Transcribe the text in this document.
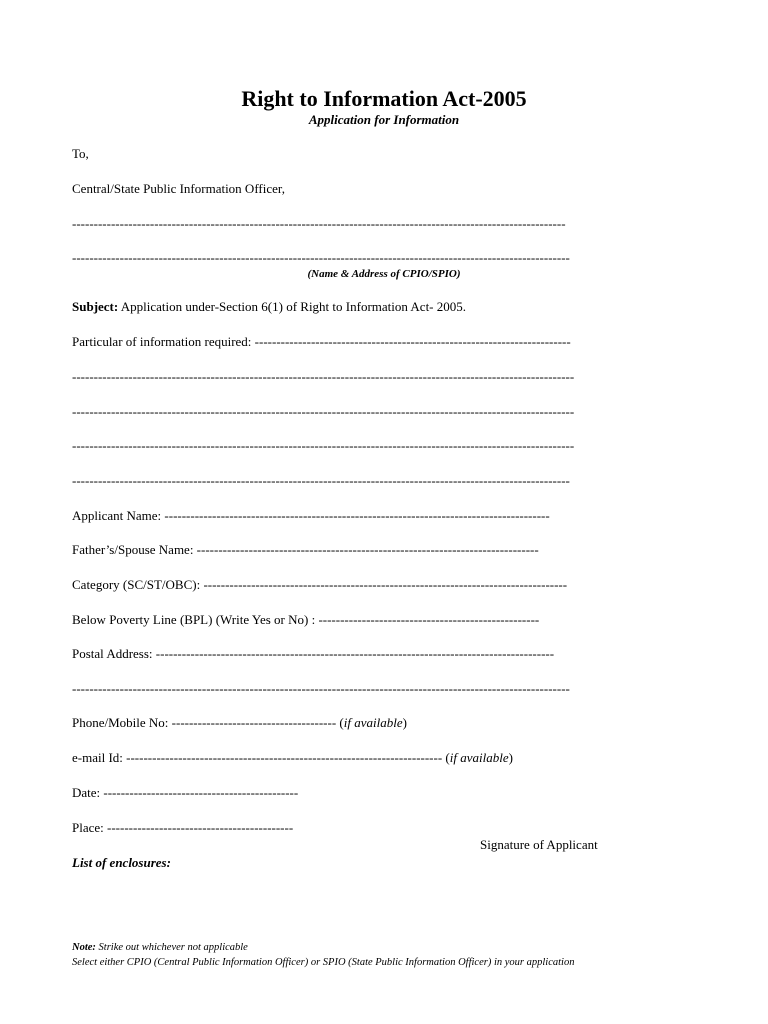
Right to Information Act-2005
Application for Information
To,
Central/State Public Information Officer,
------------------------------------------------------------------------------------------------------------------
-------------------------------------------------------------------------------------------------------------------
(Name & Address of CPIO/SPIO)
Subject: Application under-Section 6(1) of Right to Information Act- 2005.
Particular of information required: -------------------------------------------------------------------------
--------------------------------------------------------------------------------------------------------------------
--------------------------------------------------------------------------------------------------------------------
--------------------------------------------------------------------------------------------------------------------
-------------------------------------------------------------------------------------------------------------------
Applicant Name: -----------------------------------------------------------------------------------------
Father’s/Spouse Name: -------------------------------------------------------------------------------
Category (SC/ST/OBC): ------------------------------------------------------------------------------------
Below Poverty Line (BPL) (Write Yes or No) : ---------------------------------------------------
Postal Address: --------------------------------------------------------------------------------------------
-------------------------------------------------------------------------------------------------------------------
Phone/Mobile No: -------------------------------------- (if available)
e-mail Id: ------------------------------------------------------------------------- (if available)
Date: ---------------------------------------------
Place: -------------------------------------------
Signature of Applicant
List of enclosures:
Note: Strike out whichever not applicable
Select either CPIO (Central Public Information Officer) or SPIO (State Public Information Officer) in your application
